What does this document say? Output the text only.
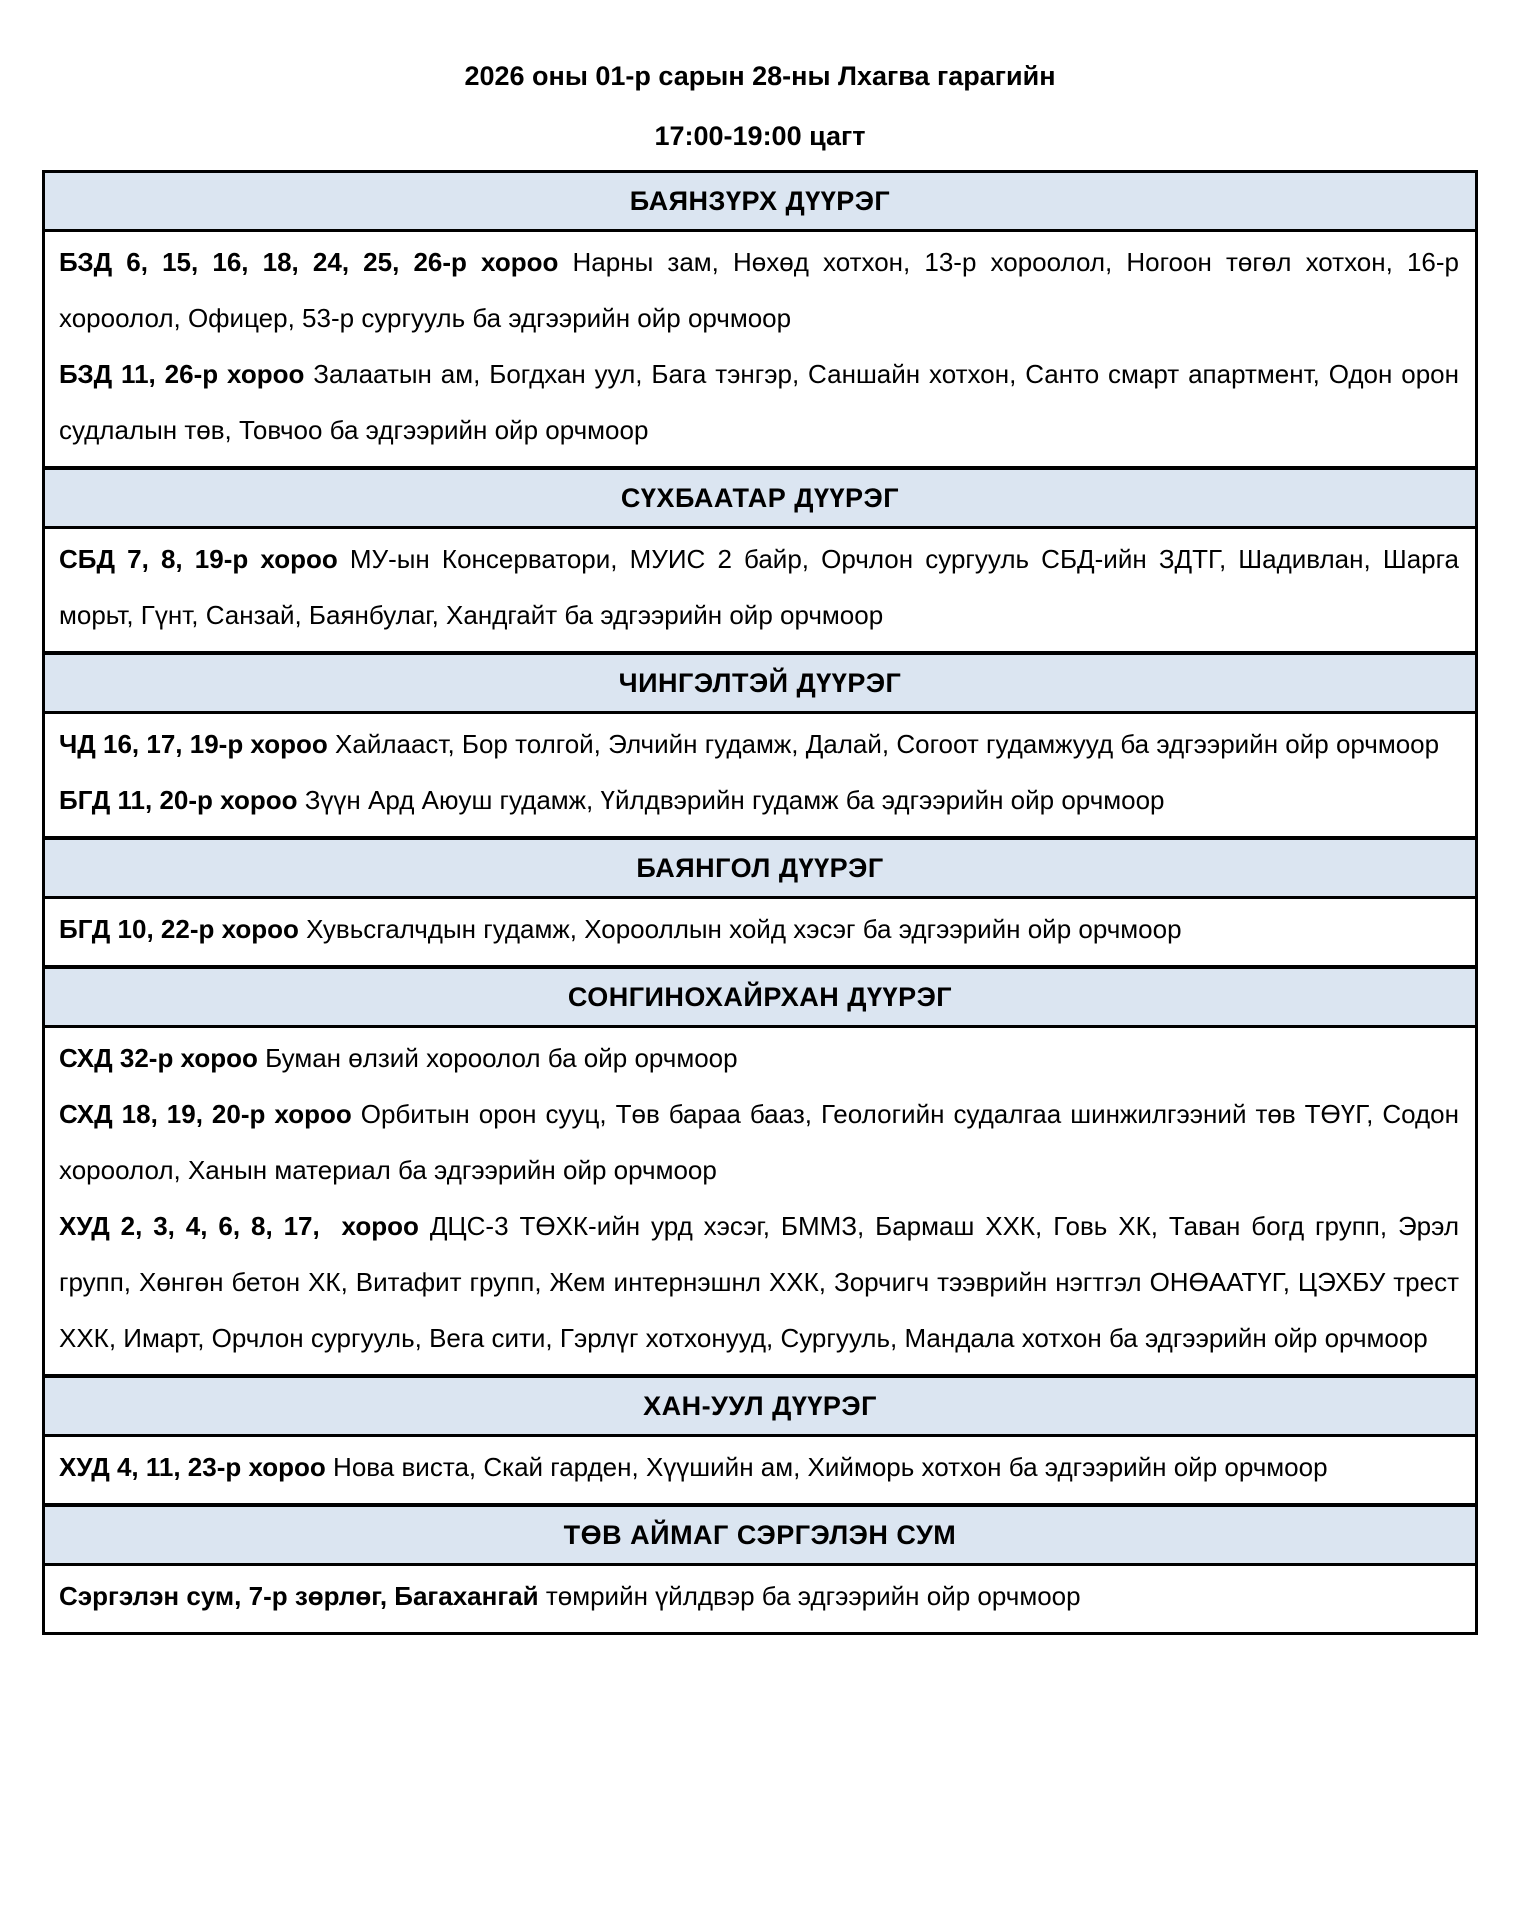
2026 оны 01-р сарын 28-ны Лхагва гарагийн
17:00-19:00 цагт
БАЯНЗҮРХ ДҮҮРЭГ

БЗД 6, 15, 16, 18, 24, 25, 26-р хороо Нарны зам, Нөхөд хотхон, 13-р хороолол, Ногоон төгөл хотхон, 16-р хороолол, Офицер, 53-р сургууль ба эдгээрийн ойр орчмоор

БЗД 11, 26-р хороо Залаатын ам, Богдхан уул, Бага тэнгэр, Саншайн хотхон, Санто смарт апартмент, Одон орон судлалын төв, Товчоо ба эдгээрийн ойр орчмоор

СҮХБААТАР ДҮҮРЭГ

СБД 7, 8, 19-р хороо МУ-ын Консерватори, МУИС 2 байр, Орчлон сургууль СБД-ийн ЗДТГ, Шадивлан, Шарга морьт, Гүнт, Санзай, Баянбулаг, Хандгайт ба эдгээрийн ойр орчмоор

ЧИНГЭЛТЭЙ ДҮҮРЭГ

ЧД 16, 17, 19-р хороо Хайлааст, Бор толгой, Элчийн гудамж, Далай, Согоот гудамжууд ба эдгээрийн ойр орчмоор

БГД 11, 20-р хороо Зүүн Ард Аюуш гудамж, Үйлдвэрийн гудамж ба эдгээрийн ойр орчмоор

БАЯНГОЛ ДҮҮРЭГ

БГД 10, 22-р хороо Хувьсгалчдын гудамж, Хорооллын хойд хэсэг ба эдгээрийн ойр орчмоор

СОНГИНОХАЙРХАН ДҮҮРЭГ

СХД 32-р хороо Буман өлзий хороолол ба ойр орчмоор

СХД 18, 19, 20-р хороо Орбитын орон сууц, Төв бараа бааз, Геологийн судалгаа шинжилгээний төв ТӨҮГ, Содон хороолол, Ханын материал ба эдгээрийн ойр орчмоор

ХУД 2, 3, 4, 6, 8, 17,  хороо ДЦС-3 ТӨХК-ийн урд хэсэг, БММЗ, Бармаш ХХК, Говь ХК, Таван богд групп, Эрэл групп, Хөнгөн бетон ХК, Витафит групп, Жем интернэшнл ХХК, Зорчигч тээврийн нэгтгэл ОНӨААТҮГ, ЦЭХБУ трест ХХК, Имарт, Орчлон сургууль, Вега сити, Гэрлүг хотхонууд, Сургууль, Мандала хотхон ба эдгээрийн ойр орчмоор

ХАН-УУЛ ДҮҮРЭГ

ХУД 4, 11, 23-р хороо Нова виста, Скай гарден, Хүүшийн ам, Хийморь хотхон ба эдгээрийн ойр орчмоор

ТӨВ АЙМАГ СЭРГЭЛЭН СУМ

Сэргэлэн сум, 7-р зөрлөг, Багахангай төмрийн үйлдвэр ба эдгээрийн ойр орчмоор
